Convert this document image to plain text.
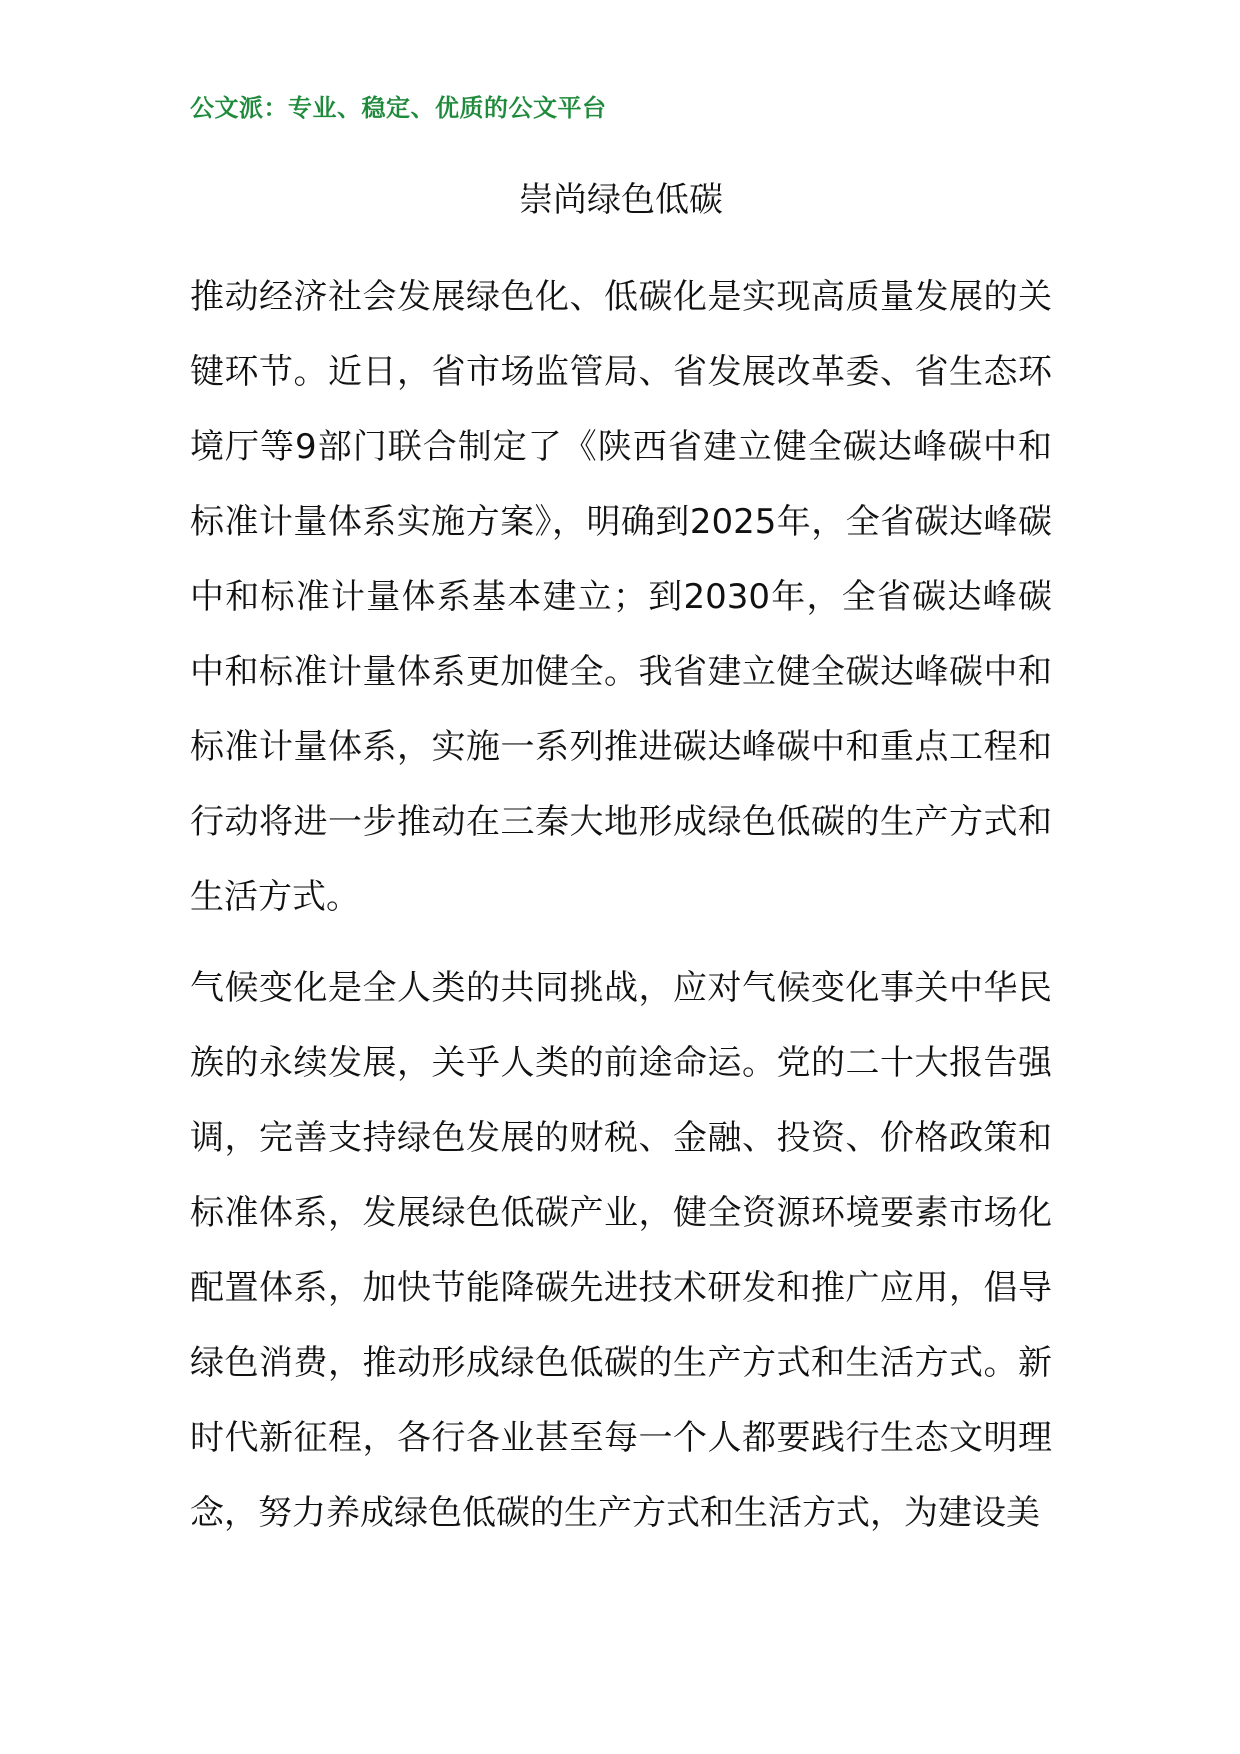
公文派：专业、稳定、优质的公文平台
崇尚绿色低碳

推动经济社会发展绿色化、低碳化是实现高质量发展的关键环节。近日，省市场监管局、省发展改革委、省生态环境厅等9部门联合制定了《陕西省建立健全碳达峰碳中和标准计量体系实施方案》，明确到2025年，全省碳达峰碳中和标准计量体系基本建立；到2030年，全省碳达峰碳中和标准计量体系更加健全。我省建立健全碳达峰碳中和标准计量体系，实施一系列推进碳达峰碳中和重点工程和行动将进一步推动在三秦大地形成绿色低碳的生产方式和生活方式。

气候变化是全人类的共同挑战，应对气候变化事关中华民族的永续发展，关乎人类的前途命运。党的二十大报告强调，完善支持绿色发展的财税、金融、投资、价格政策和标准体系，发展绿色低碳产业，健全资源环境要素市场化配置体系，加快节能降碳先进技术研发和推广应用，倡导绿色消费，推动形成绿色低碳的生产方式和生活方式。新时代新征程，各行各业甚至每一个人都要践行生态文明理念，努力养成绿色低碳的生产方式和生活方式，为建设美
